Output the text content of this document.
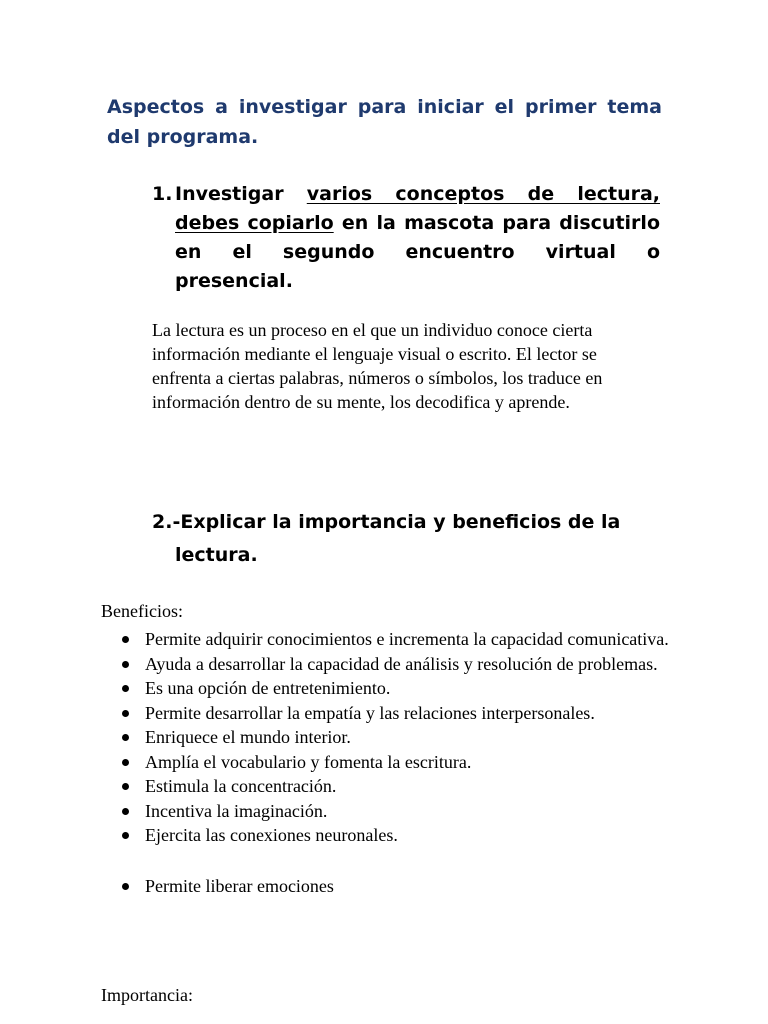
Aspectos a investigar para iniciar el primer tema del programa.
1. Investigar varios conceptos de lectura, debes copiarlo en la mascota para discutirlo en el segundo encuentro virtual o presencial.

La lectura es un proceso en el que un individuo conoce cierta información mediante el lenguaje visual o escrito. El lector se enfrenta a ciertas palabras, números o símbolos, los traduce en información dentro de su mente, los decodifica y aprende.

2.-Explicar la importancia y beneficios de la
lectura.

Beneficios:

Permite adquirir conocimientos e incrementa la capacidad comunicativa.
Ayuda a desarrollar la capacidad de análisis y resolución de problemas.
Es una opción de entretenimiento.
Permite desarrollar la empatía y las relaciones interpersonales.
Enriquece el mundo interior.
Amplía el vocabulario y fomenta la escritura.
Estimula la concentración.
Incentiva la imaginación.
Ejercita las conexiones neuronales.
Permite liberar emociones

Importancia:
